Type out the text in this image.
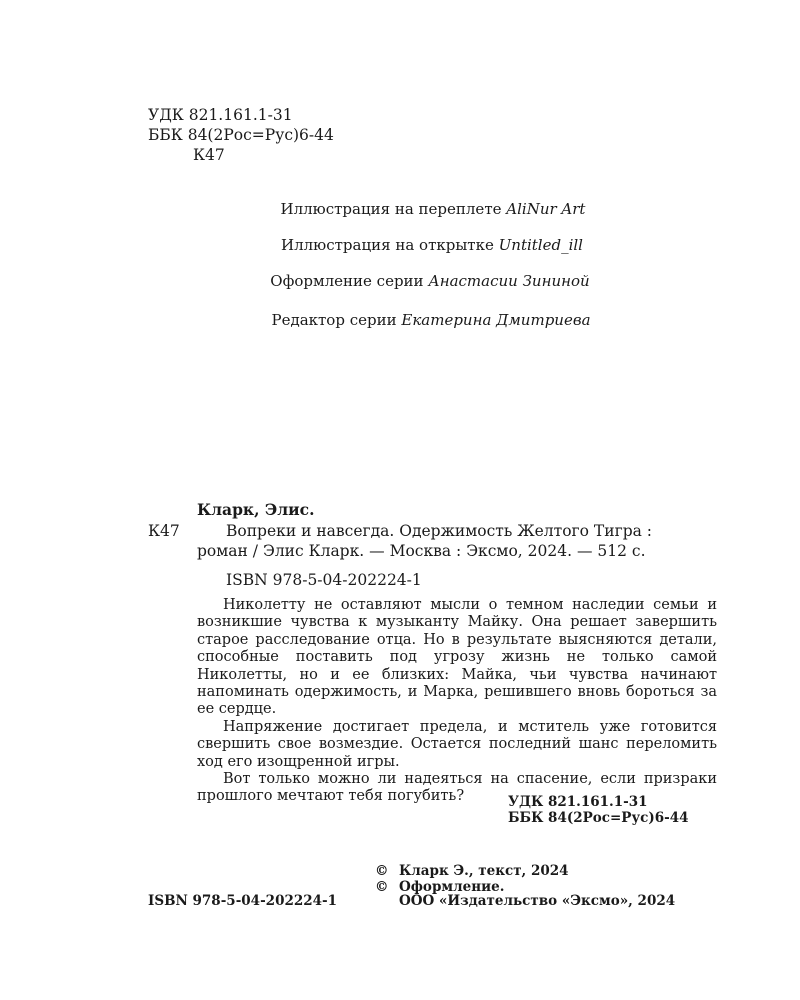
УДК 821.161.1-31
ББК 84(2Рос=Рус)6-44
К47
Иллюстрация на переплете AliNur Art
Иллюстрация на открытке Untitled_ill
Оформление серии Анастасии Зининой
Редактор серии Екатерина Дмитриева
Кларк, Элис.
К47	Вопреки и навсегда. Одержимость Желтого Тигра :
роман / Элис Кларк. — Москва : Эксмо, 2024. — 512 с.
ISBN 978-5-04-202224-1

Николетту не оставляют мысли о темном наследии семьи и возникшие чувства к музыканту Майку. Она решает завершить старое расследование отца. Но в результате выясняются детали, способные поставить под угрозу жизнь не только самой Николетты, но и ее близких: Майка, чьи чувства начинают напоминать одержимость, и Марка, решившего вновь бороться за ее сердце.

Напряжение достигает предела, и мститель уже готовится свершить свое возмездие. Остается последний шанс переломить ход его изощренной игры.

Вот только можно ли надеяться на спасение, если призраки прошлого мечтают тебя погубить?	УДК 821.161.1-31
ББК 84(2Рос=Рус)6-44
© Кларк Э., текст, 2024
© Оформление.
ISBN 978-5-04-202224-1	ООО «Издательство «Эксмо», 2024
